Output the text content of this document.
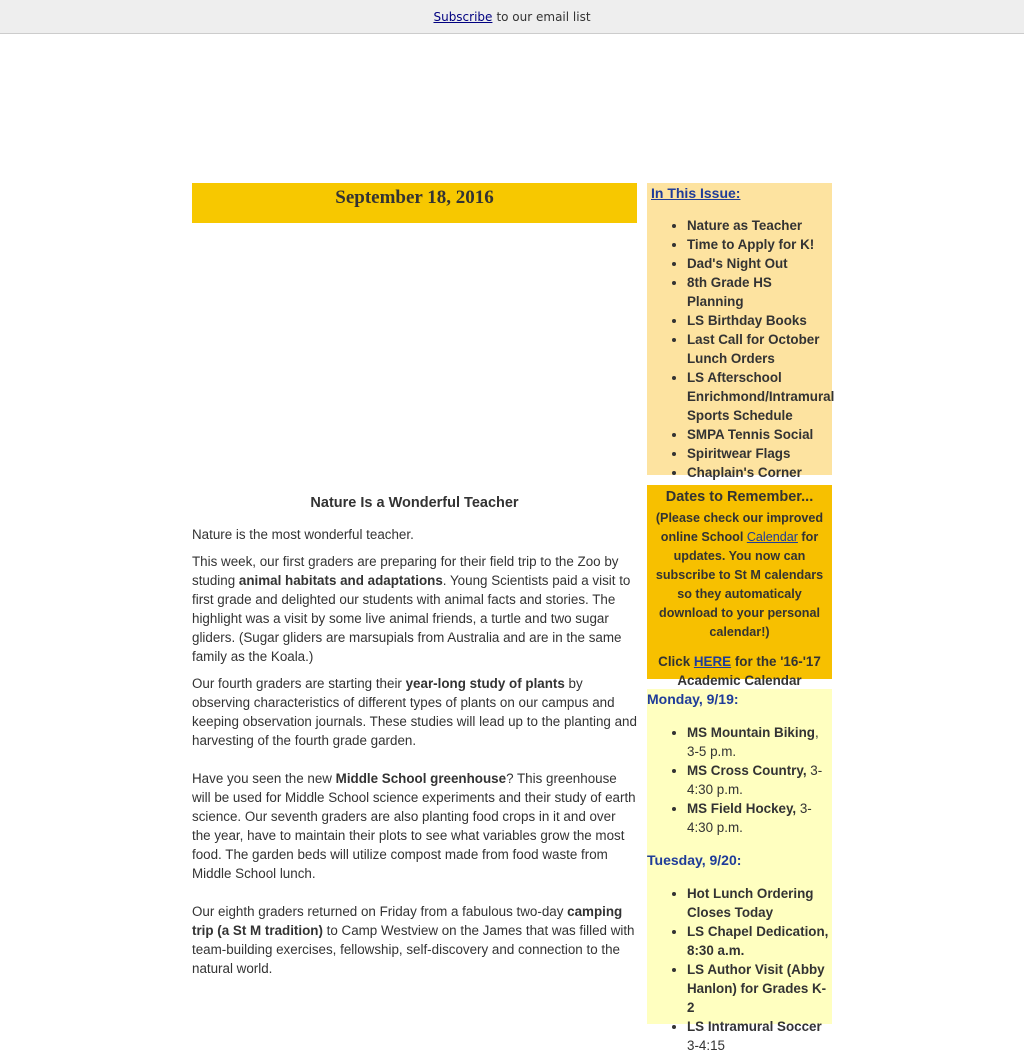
Subscribe to our email list
September 18, 2016
Nature Is a Wonderful Teacher

Nature is the most wonderful teacher.

This week, our first graders are preparing for their field trip to the Zoo by studing animal habitats and adaptations. Young Scientists paid a visit to first grade and delighted our students with animal facts and stories. The highlight was a visit by some live animal friends, a turtle and two sugar gliders. (Sugar gliders are marsupials from Australia and are in the same family as the Koala.)

Our fourth graders are starting their year-long study of plants by observing characteristics of different types of plants on our campus and keeping observation journals. These studies will lead up to the planting and harvesting of the fourth grade garden.

Have you seen the new Middle School greenhouse? This greenhouse will be used for Middle School science experiments and their study of earth science. Our seventh graders are also planting food crops in it and over the year, have to maintain their plots to see what variables grow the most food. The garden beds will utilize compost made from food waste from Middle School lunch.

Our eighth graders returned on Friday from a fabulous two-day camping trip (a St M tradition) to Camp Westview on the James that was filled with team-building exercises, fellowship, self-discovery and connection to the natural world.

In This Issue:
• Nature as Teacher
• Time to Apply for K!
• Dad's Night Out
• 8th Grade HS Planning
• LS Birthday Books
• Last Call for October Lunch Orders
• LS Afterschool Enrichmond/Intramural Sports Schedule
• SMPA Tennis Social
• Spiritwear Flags
• Chaplain's Corner
Dates to Remember...
(Please check our improved online School Calendar for updates. You now can subscribe to St M calendars so they automaticaly download to your personal calendar!)
Click HERE for the '16-'17 Academic Calendar
Monday, 9/19:
• MS Mountain Biking, 3-5 p.m.
• MS Cross Country, 3-4:30 p.m.
• MS Field Hockey, 3-4:30 p.m.
Tuesday, 9/20:
• Hot Lunch Ordering Closes Today
• LS Chapel Dedication, 8:30 a.m.
• LS Author Visit (Abby Hanlon) for Grades K-2
• LS Intramural Soccer
3-4:15
